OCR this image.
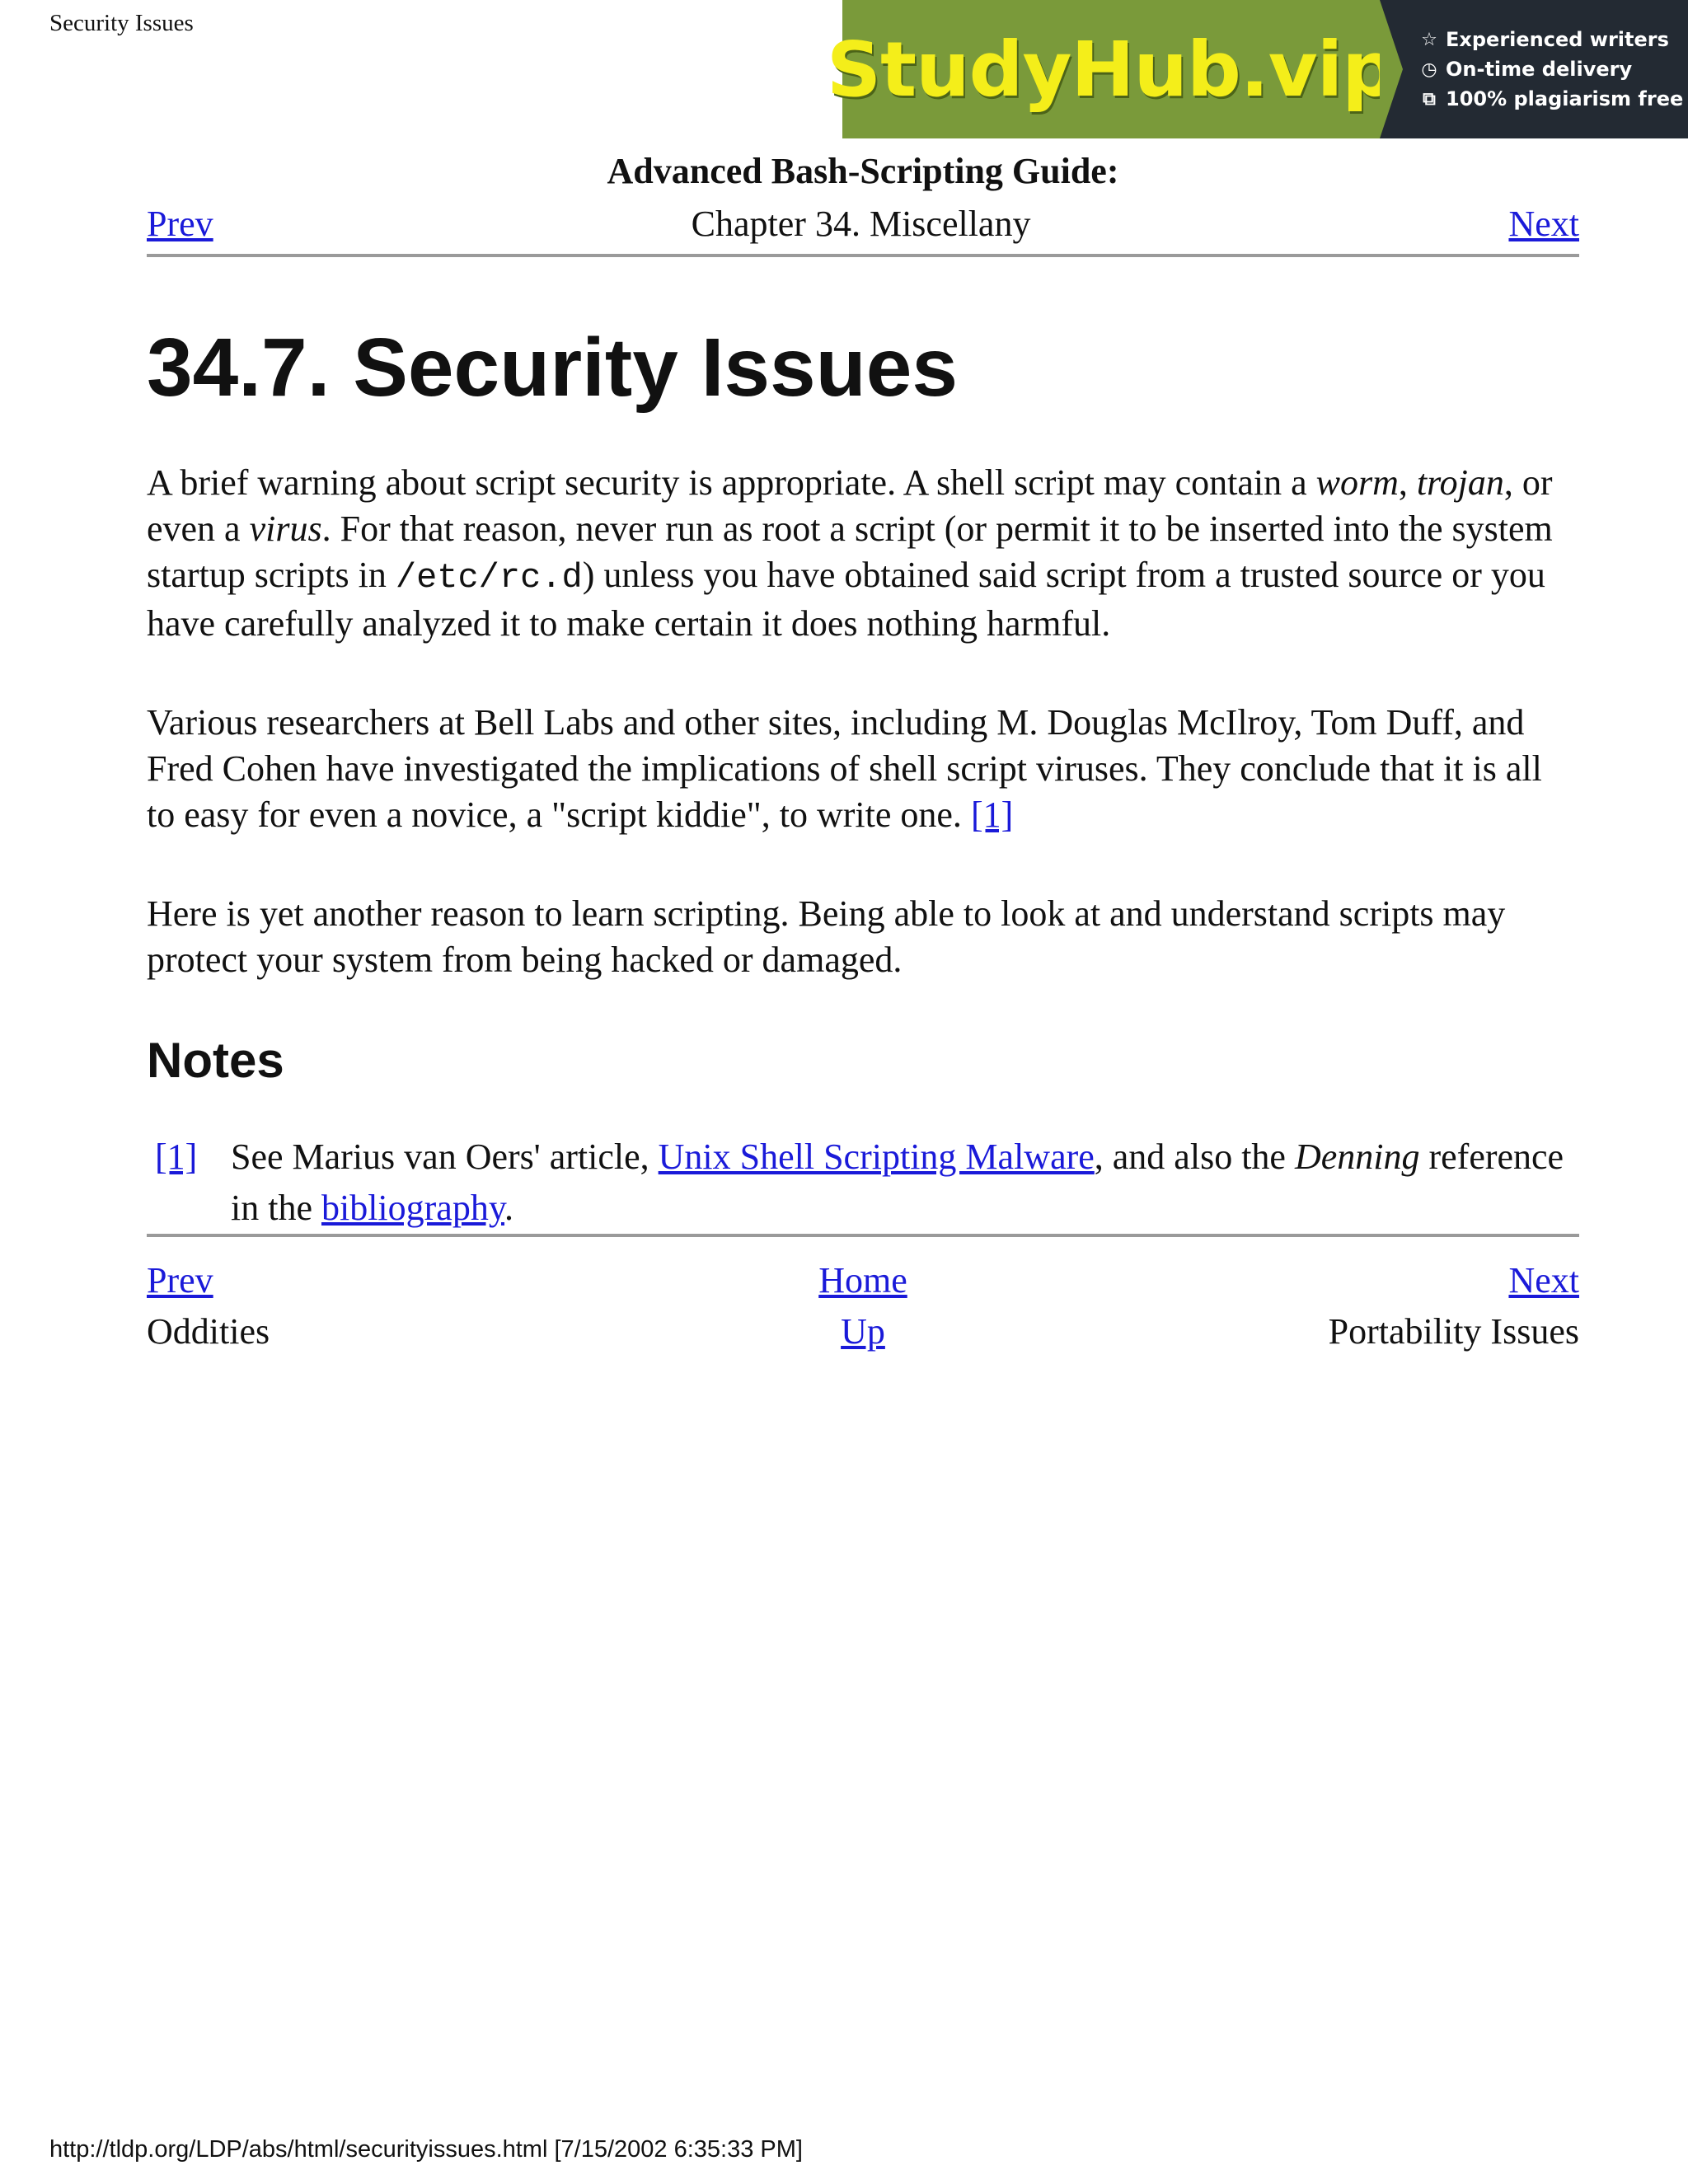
Security Issues
StudyHub.vip ☆ Experienced writers
◷ On-time delivery
⧉ 100% plagiarism free
Advanced Bash-Scripting Guide:
Prev	Chapter 34. Miscellany	Next
34.7. Security Issues

A brief warning about script security is appropriate. A shell script may contain a worm, trojan, or even a virus. For that reason, never run as root a script (or permit it to be inserted into the system startup scripts in /etc/rc.d) unless you have obtained said script from a trusted source or you have carefully analyzed it to make certain it does nothing harmful.

Various researchers at Bell Labs and other sites, including M. Douglas McIlroy, Tom Duff, and Fred Cohen have investigated the implications of shell script viruses. They conclude that it is all to easy for even a novice, a "script kiddie", to write one. [1]

Here is yet another reason to learn scripting. Being able to look at and understand scripts may protect your system from being hacked or damaged.

Notes
[1] See Marius van Oers' article, Unix Shell Scripting Malware, and also the Denning reference in the bibliography.
Prev	Home	Next
Oddities	Up	Portability Issues
http://tldp.org/LDP/abs/html/securityissues.html [7/15/2002 6:35:33 PM]
